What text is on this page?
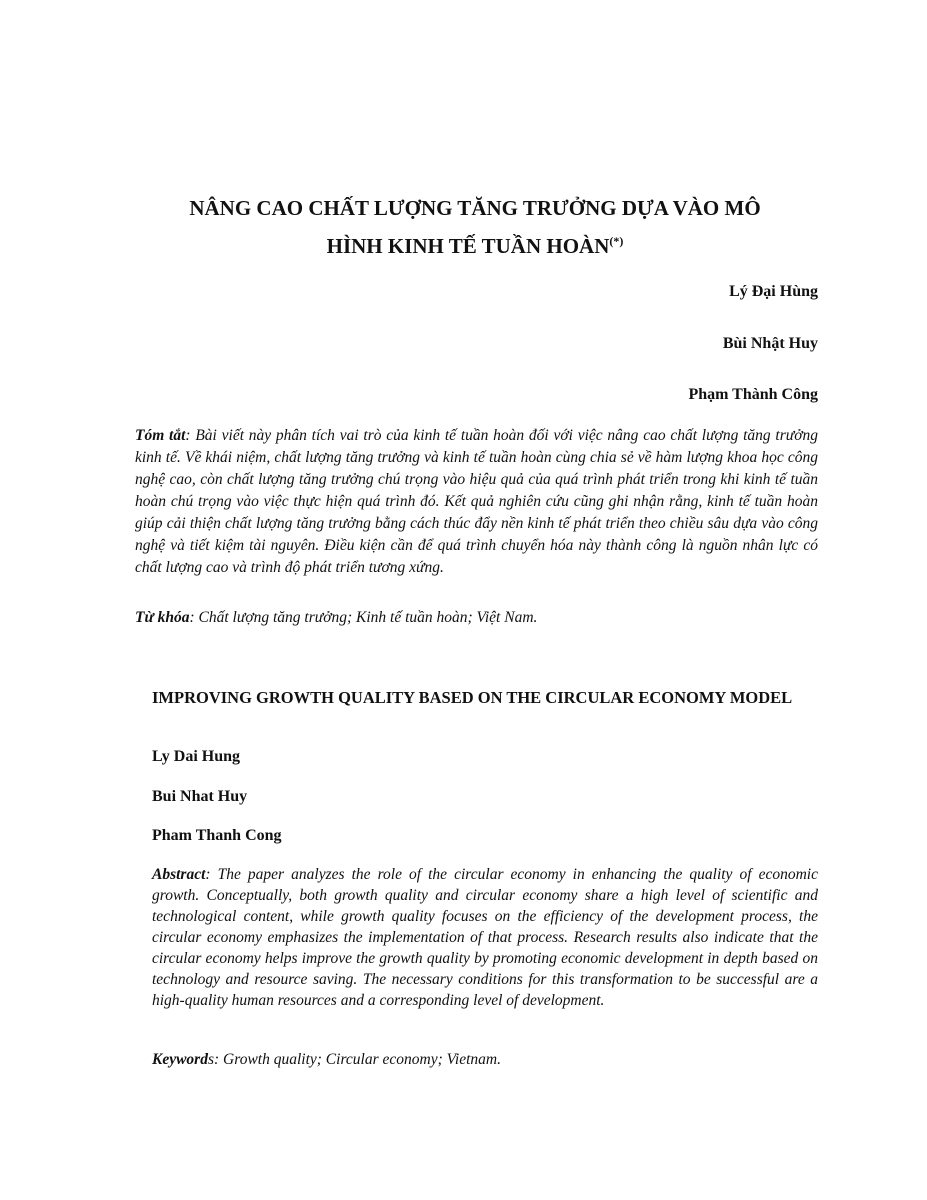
NÂNG CAO CHẤT LƯỢNG TĂNG TRƯỞNG DỰA VÀO MÔ
HÌNH KINH TẾ TUẦN HOÀN(*)
Lý Đại Hùng
Bùi Nhật Huy
Phạm Thành Công
Tóm tắt: Bài viết này phân tích vai trò của kinh tế tuần hoàn đối với việc nâng cao chất lượng tăng trưởng kinh tế. Về khái niệm, chất lượng tăng trưởng và kinh tế tuần hoàn cùng chia sẻ về hàm lượng khoa học công nghệ cao, còn chất lượng tăng trưởng chú trọng vào hiệu quả của quá trình phát triển trong khi kinh tế tuần hoàn chú trọng vào việc thực hiện quá trình đó. Kết quả nghiên cứu cũng ghi nhận rằng, kinh tế tuần hoàn giúp cải thiện chất lượng tăng trưởng bằng cách thúc đẩy nền kinh tế phát triển theo chiều sâu dựa vào công nghệ và tiết kiệm tài nguyên. Điều kiện cần để quá trình chuyển hóa này thành công là nguồn nhân lực có chất lượng cao và trình độ phát triển tương xứng.
Từ khóa: Chất lượng tăng trưởng; Kinh tế tuần hoàn; Việt Nam.
IMPROVING GROWTH QUALITY BASED ON THE CIRCULAR ECONOMY MODEL
Ly Dai Hung
Bui Nhat Huy
Pham Thanh Cong
Abstract: The paper analyzes the role of the circular economy in enhancing the quality of economic growth. Conceptually, both growth quality and circular economy share a high level of scientific and technological content, while growth quality focuses on the efficiency of the development process, the circular economy emphasizes the implementation of that process. Research results also indicate that the circular economy helps improve the growth quality by promoting economic development in depth based on technology and resource saving. The necessary conditions for this transformation to be successful are a high-quality human resources and a corresponding level of development.
Keywords: Growth quality; Circular economy; Vietnam.
